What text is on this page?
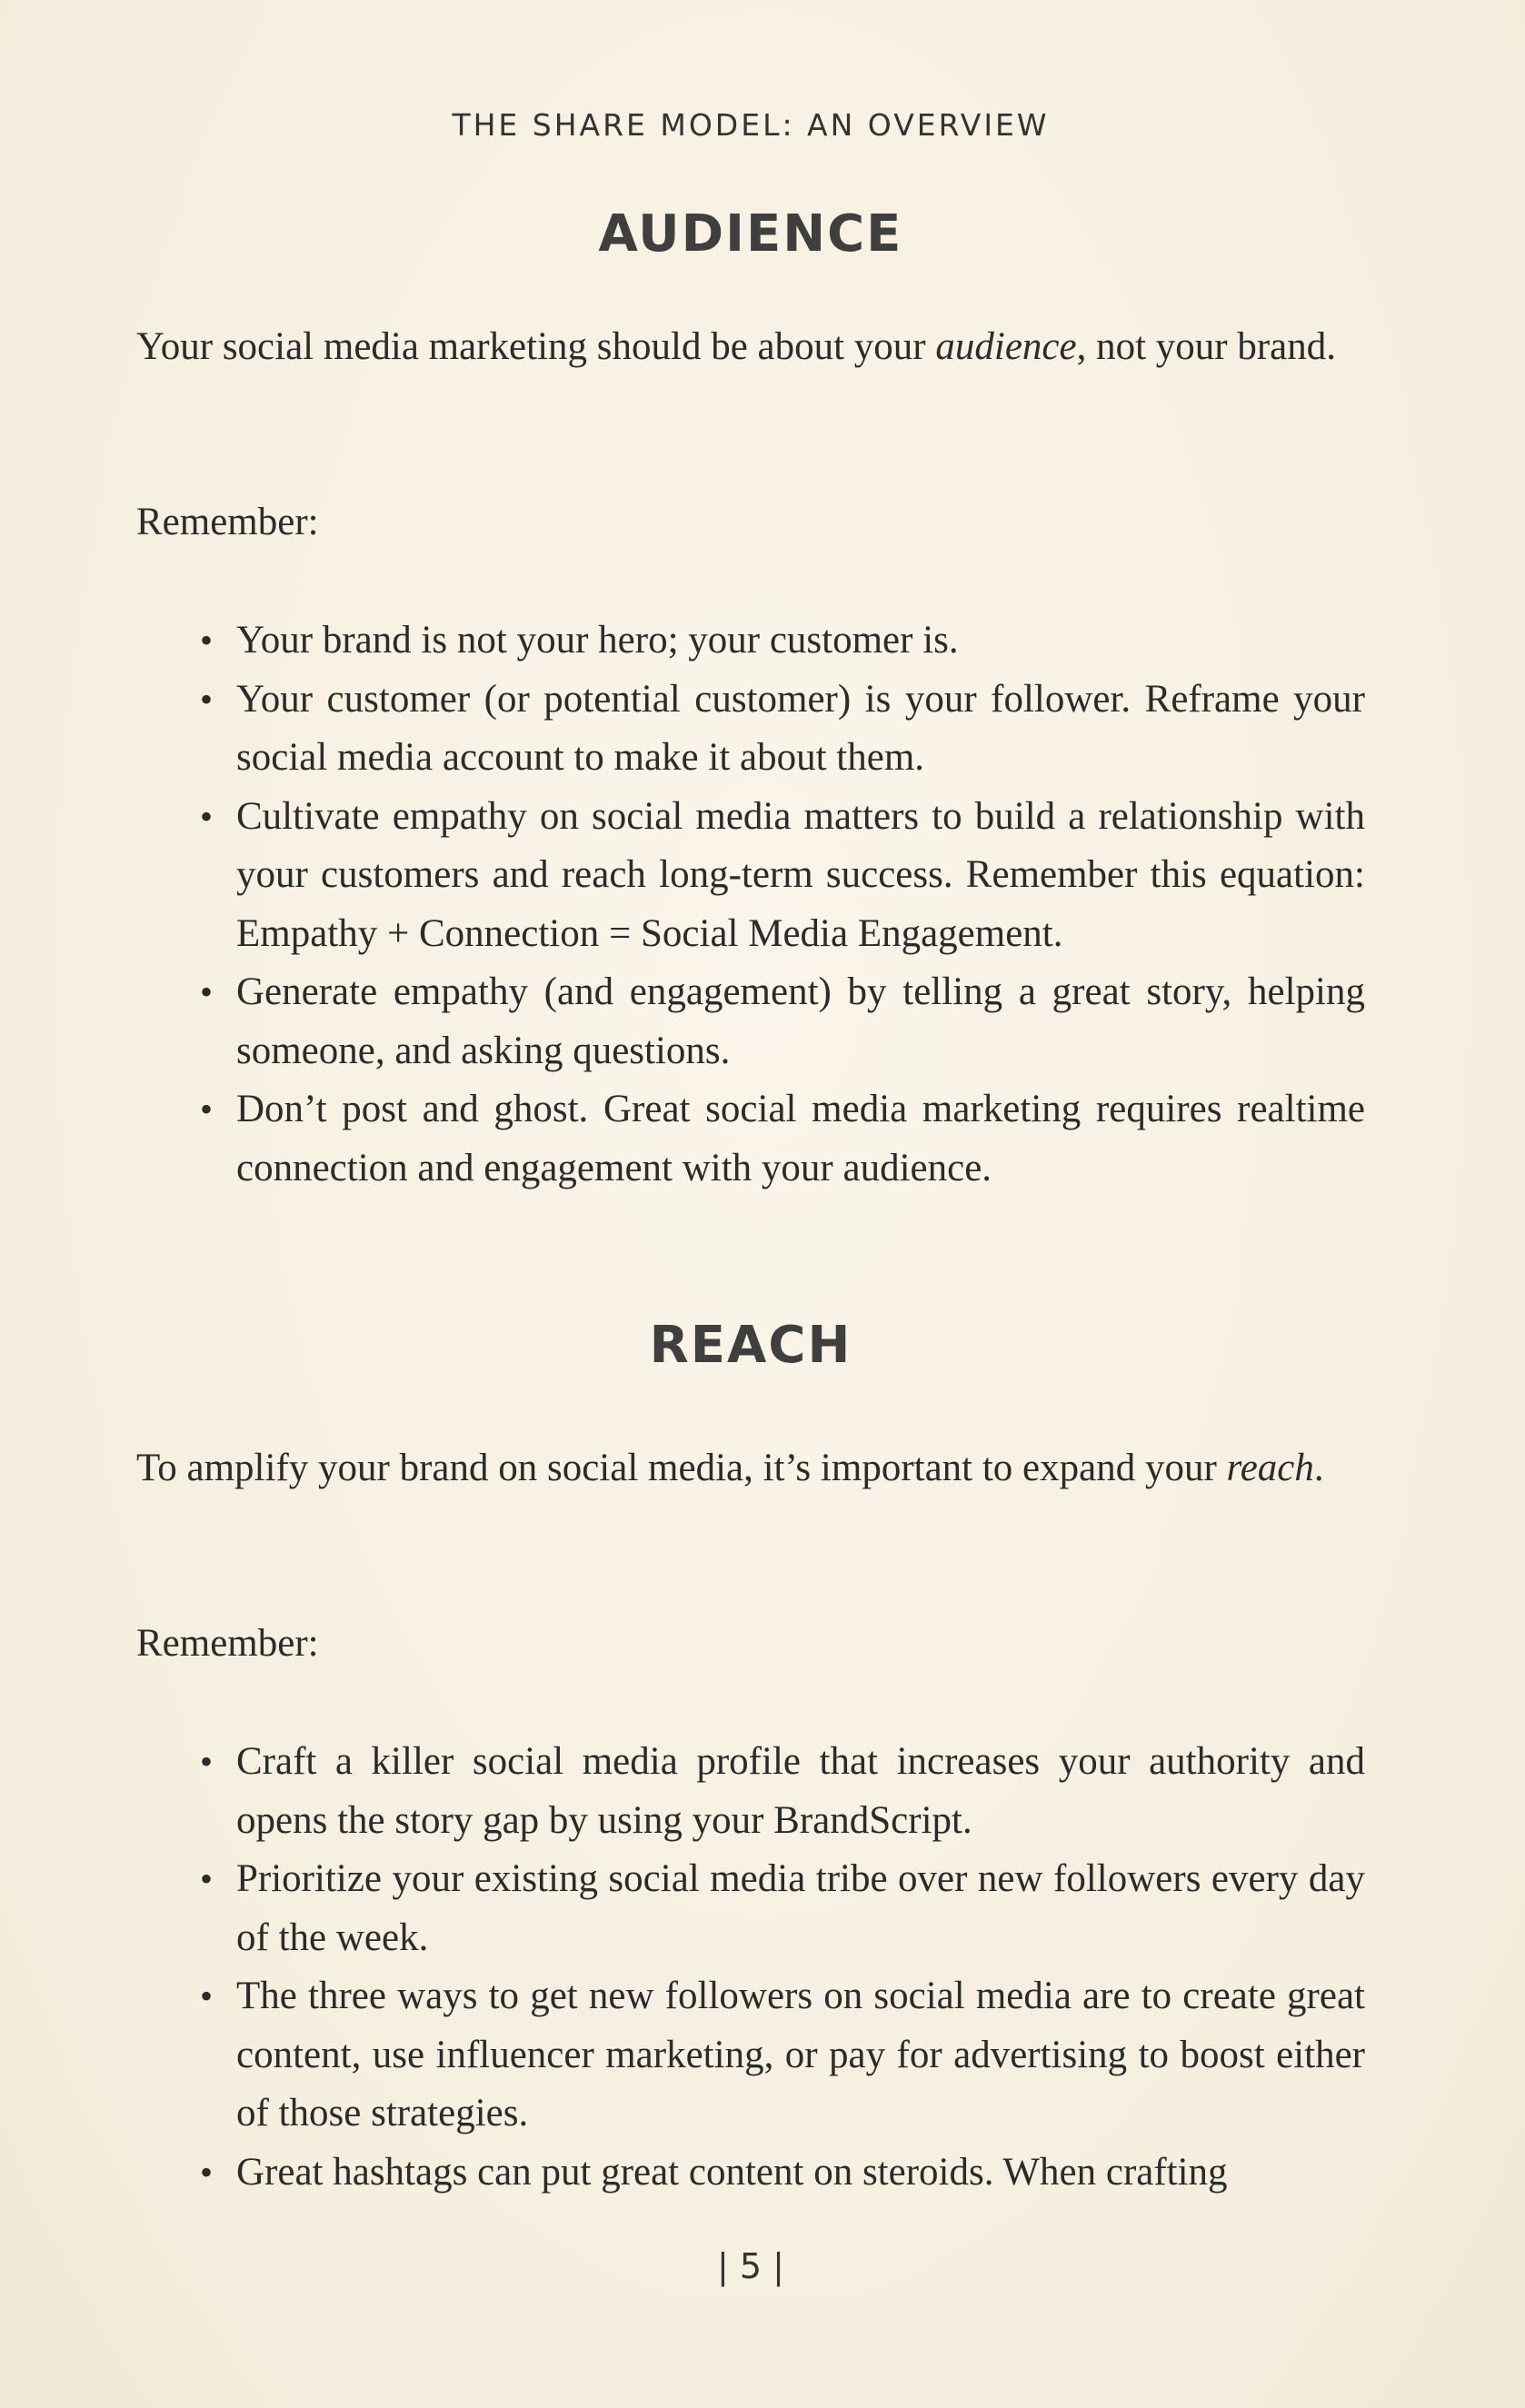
THE SHARE MODEL: AN OVERVIEW
AUDIENCE

Your social media marketing should be about your audience, not your brand.

Remember:

• Your brand is not your hero; your customer is.
• Your customer (or potential customer) is your follower. Reframe your social media account to make it about them.
• Cultivate empathy on social media matters to build a relationship with your customers and reach long-term success. Remember this equation: Empathy + Connection = Social Media Engagement.
• Generate empathy (and engagement) by telling a great story, helping someone, and asking questions.
• Don’t post and ghost. Great social media marketing requires realtime connection and engagement with your audience.
REACH

To amplify your brand on social media, it’s important to expand your reach.

Remember:

• Craft a killer social media profile that increases your authority and opens the story gap by using your BrandScript.
• Prioritize your existing social media tribe over new followers every day of the week.
• The three ways to get new followers on social media are to create great content, use influencer marketing, or pay for advertising to boost either of those strategies.
• Great hashtags can put great content on steroids. When crafting
| 5 |
